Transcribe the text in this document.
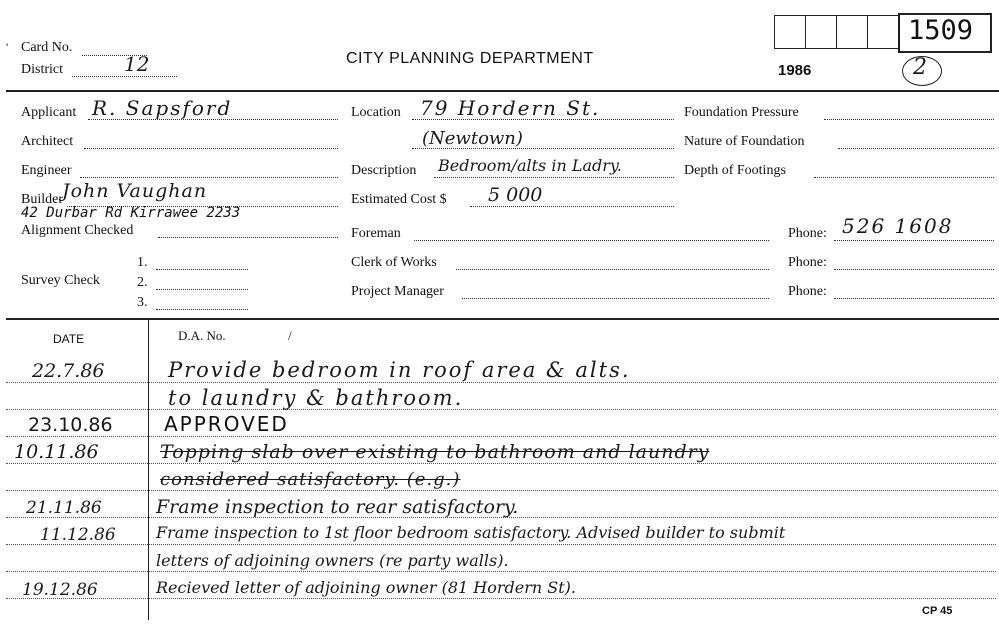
' Card No.
District	12	CITY PLANNING DEPARTMENT
1509
1986	2
Applicant R. Sapsford
Architect
Engineer
Builder John Vaughan
42 Durbar Rd Kirrawee 2233
Alignment Checked
Survey Check
1.
2.
3.
Location 79 Hordern St.
(Newtown)
Description Bedroom/alts in Ladry.
Estimated Cost $ 5 000
Foreman
Clerk of Works
Project Manager
Foundation Pressure
Nature of Foundation
Depth of Footings
Phone: 526 1608
Phone:
Phone:
DATE	D.A. No.	/
22.7.86	Provide bedroom in roof area & alts.
to laundry & bathroom.
23.10.86	APPROVED
10.11.86	Topping slab over existing to bathroom and laundry
considered satisfactory. (e.g.)
21.11.86	Frame inspection to rear satisfactory.
11.12.86	Frame inspection to 1st floor bedroom satisfactory. Advised builder to submit
letters of adjoining owners (re party walls).
19.12.86	Recieved letter of adjoining owner (81 Hordern St).
CP 45
